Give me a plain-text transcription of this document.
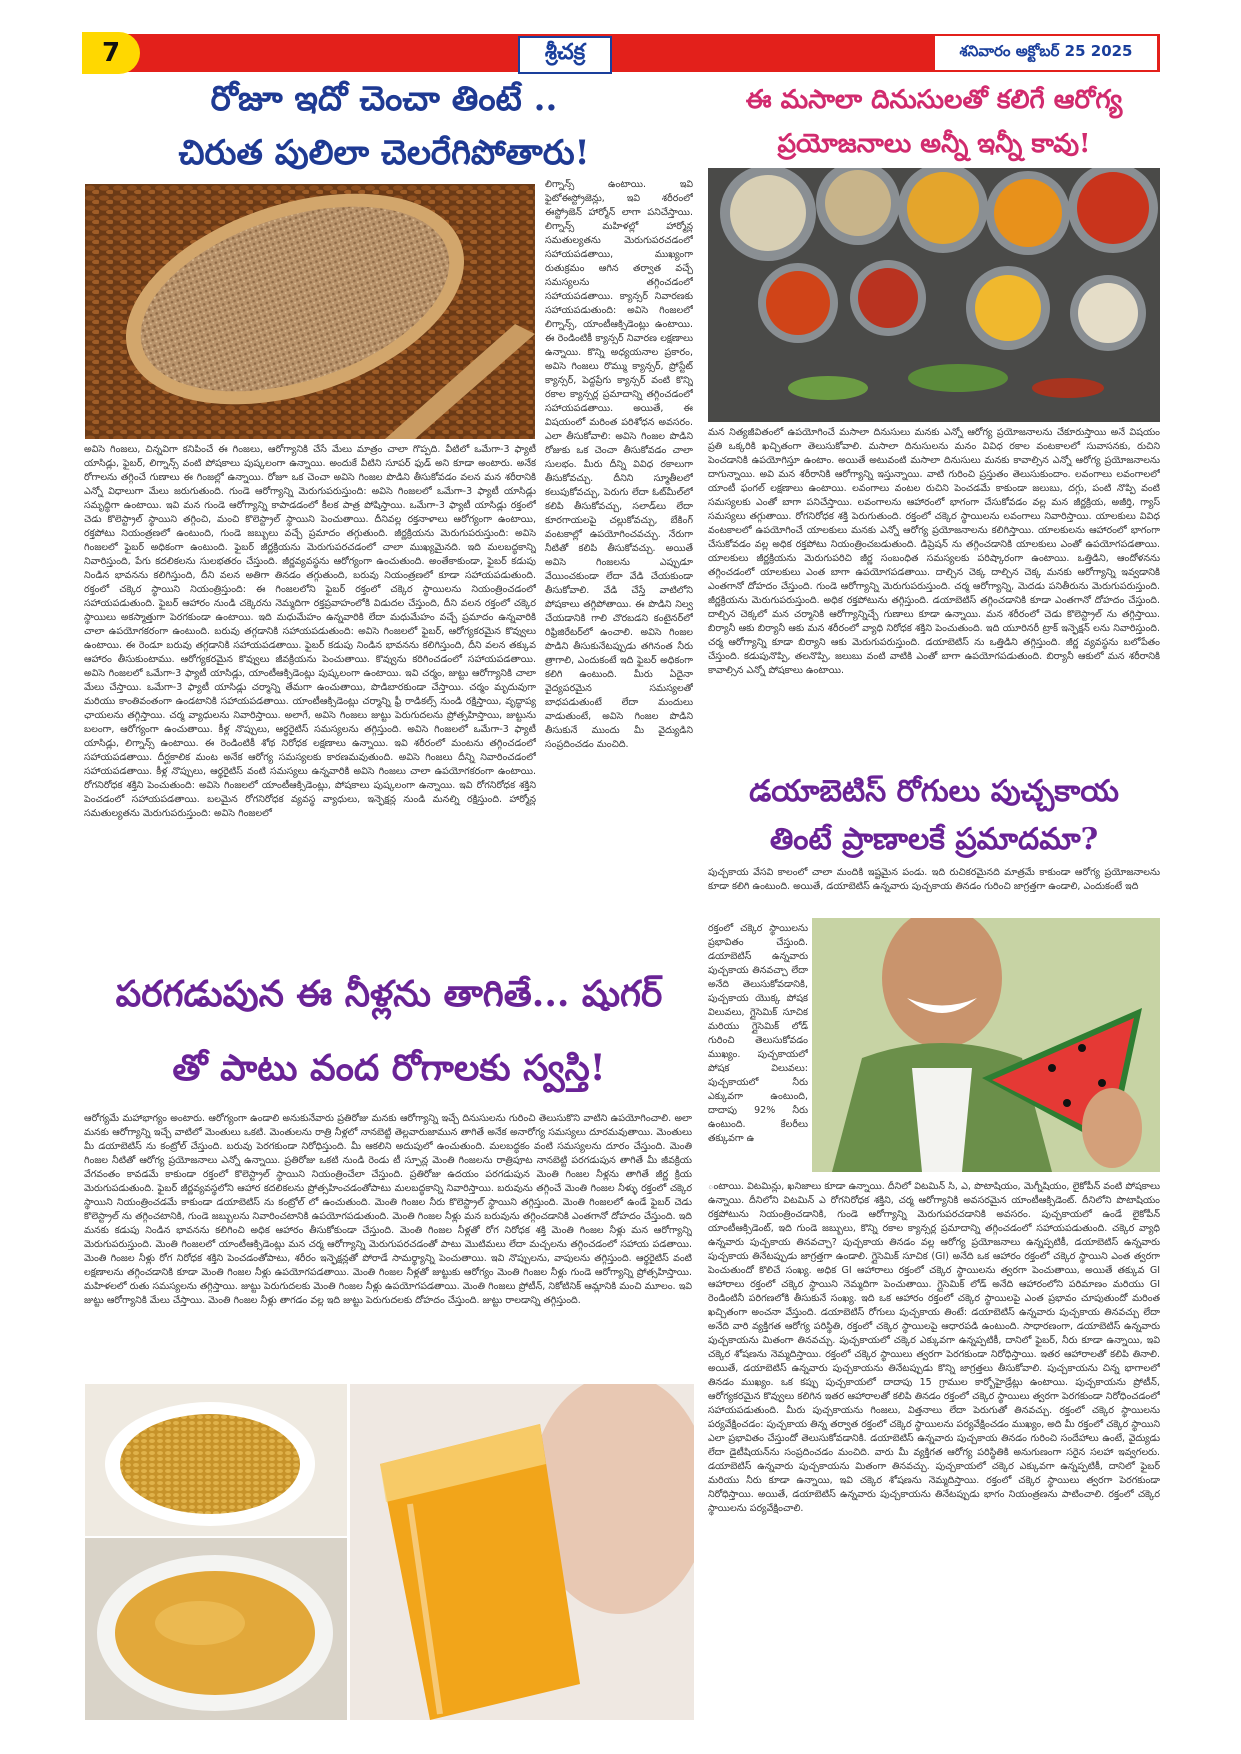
7	శ్రీచక్ర	శనివారం అక్టోబర్ 25 2025
రోజూ ఇదో చెంచా తింటే ..
చిరుత పులిలా చెలరేగిపోతారు!
అవిసె గింజలు, చిన్నవిగా కనిపించే ఈ గింజలు, ఆరోగ్యానికి చేసే మేలు మాత్రం చాలా గొప్పది. వీటిలో ఒమేగా-3 ఫ్యాటీ యాసిడ్లు, ఫైబర్, లిగ్నాన్స్ వంటి పోషకాలు పుష్కలంగా ఉన్నాయి. అందుకే వీటిని సూపర్ ఫుడ్ అని కూడా అంటారు. అనేక రోగాలను తగ్గించే గుణాలు ఈ గింజల్లో ఉన్నాయి. రోజూ ఒక చెంచా అవిసె గింజల పొడిని తీసుకోవడం వలన మన శరీరానికి ఎన్నో విధాలుగా మేలు జరుగుతుంది. గుండె ఆరోగ్యాన్ని మెరుగుపరుస్తుంది: అవిసె గింజలలో ఒమేగా-3 ఫ్యాటీ యాసిడ్లు సమృద్ధిగా ఉంటాయి. ఇవి మన గుండె ఆరోగ్యాన్ని కాపాడడంలో కీలక పాత్ర పోషిస్తాయి. ఒమేగా-3 ఫ్యాటీ యాసిడ్లు రక్తంలో చెడు కొలెస్ట్రాల్ స్థాయిని తగ్గించి, మంచి కొలెస్ట్రాల్ స్థాయిని పెంచుతాయి. దీనివల్ల రక్తనాళాలు ఆరోగ్యంగా ఉంటాయి, రక్తపోటు నియంత్రణలో ఉంటుంది, గుండె జబ్బులు వచ్చే ప్రమాదం తగ్గుతుంది. జీర్ణక్రియను మెరుగుపరుస్తుంది: అవిసె గింజలలో ఫైబర్ అధికంగా ఉంటుంది. ఫైబర్ జీర్ణక్రియను మెరుగుపరచడంలో చాలా ముఖ్యమైనది. ఇది మలబద్ధకాన్ని నివారిస్తుంది, పేగు కదలికలను సులభతరం చేస్తుంది. జీర్ణవ్యవస్థను ఆరోగ్యంగా ఉంచుతుంది. అంతేకాకుండా, ఫైబర్ కడుపు నిండిన భావనను కలిగిస్తుంది, దీని వలన అతిగా తినడం తగ్గుతుంది, బరువు నియంత్రణలో కూడా సహాయపడుతుంది. రక్తంలో చక్కెర స్థాయిని నియంత్రిస్తుంది: ఈ గింజలలోని ఫైబర్ రక్తంలో చక్కెర స్థాయిలను నియంత్రించడంలో సహాయపడుతుంది. ఫైబర్ ఆహారం నుండి చక్కెరను నెమ్మదిగా రక్తప్రవాహంలోకి విడుదల చేస్తుంది, దీని వలన రక్తంలో చక్కెర స్థాయిలు అకస్మాత్తుగా పెరగకుండా ఉంటాయి. ఇది మధుమేహం ఉన్నవారికి లేదా మధుమేహం వచ్చే ప్రమాదం ఉన్నవారికి చాలా ఉపయోగకరంగా ఉంటుంది. బరువు తగ్గడానికి సహాయపడుతుంది: అవిసె గింజలలో ఫైబర్, ఆరోగ్యకరమైన కొవ్వులు ఉంటాయి. ఈ రెండూ బరువు తగ్గడానికి సహాయపడతాయి. ఫైబర్ కడుపు నిండిన భావనను కలిగిస్తుంది, దీని వలన తక్కువ ఆహారం తీసుకుంటాము. ఆరోగ్యకరమైన కొవ్వులు జీవక్రియను పెంచుతాయి. కొవ్వును కరిగించడంలో సహాయపడతాయి. అవిసె గింజలలో ఒమేగా-3 ఫ్యాటీ యాసిడ్లు, యాంటీఆక్సిడెంట్లు పుష్కలంగా ఉంటాయి. ఇవి చర్మం, జుట్టు ఆరోగ్యానికి చాలా మేలు చేస్తాయి. ఒమేగా-3 ఫ్యాటీ యాసిడ్లు చర్మాన్ని తేమగా ఉంచుతాయి, పొడిబారకుండా చేస్తాయి. చర్మం మృదువుగా మరియు కాంతివంతంగా ఉండటానికి సహాయపడతాయి. యాంటీఆక్సిడెంట్లు చర్మాన్ని ఫ్రీ రాడికల్స్ నుండి రక్షిస్తాయి, వృద్ధాప్య ఛాయలను తగ్గిస్తాయి. చర్మ వ్యాధులను నివారిస్తాయి. అలాగే, అవిసె గింజలు జుట్టు పెరుగుదలను ప్రోత్సహిస్తాయి, జుట్టును బలంగా, ఆరోగ్యంగా ఉంచుతాయి. కీళ్ల నొప్పులు, ఆర్థరైటిస్ సమస్యలను తగ్గిస్తుంది. అవిసె గింజలలో ఒమేగా-3 ఫ్యాటీ యాసిడ్లు, లిగ్నాన్స్ ఉంటాయి. ఈ రెండింటికీ శోథ నిరోధక లక్షణాలు ఉన్నాయి. ఇవి శరీరంలో మంటను తగ్గించడంలో సహాయపడతాయి. దీర్ఘకాలిక మంట అనేక ఆరోగ్య సమస్యలకు కారణమవుతుంది. అవిసె గింజలు దీన్ని నివారించడంలో సహాయపడతాయి. కీళ్ల నొప్పులు, ఆర్థరైటిస్ వంటి సమస్యలు ఉన్నవారికి అవిసె గింజలు చాలా ఉపయోగకరంగా ఉంటాయి. రోగనిరోధక శక్తిని పెంచుతుంది: అవిసె గింజలలో యాంటీఆక్సిడెంట్లు, పోషకాలు పుష్కలంగా ఉన్నాయి. ఇవి రోగనిరోధక శక్తిని పెంచడంలో సహాయపడతాయి. బలమైన రోగనిరోధక వ్యవస్థ వ్యాధులు, ఇన్ఫెక్షన్ల నుండి మనల్ని రక్షిస్తుంది. హార్మోన్ల సమతుల్యతను మెరుగుపరుస్తుంది: అవిసె గింజలలో
లిగ్నాన్స్ ఉంటాయి. ఇవి ఫైటోఈస్ట్రోజెన్లు, ఇవి శరీరంలో ఈస్ట్రోజెన్ హార్మోన్ లాగా పనిచేస్తాయి. లిగ్నాన్స్ మహిళల్లో హార్మోన్ల సమతుల్యతను మెరుగుపరచడంలో సహాయపడతాయి, ముఖ్యంగా రుతుక్రమం ఆగిన తర్వాత వచ్చే సమస్యలను తగ్గించడంలో సహాయపడతాయి. క్యాన్సర్ నివారణకు సహాయపడుతుంది: అవిసె గింజలలో లిగ్నాన్స్, యాంటీఆక్సిడెంట్లు ఉంటాయి. ఈ రెండింటికీ క్యాన్సర్ నివారణ లక్షణాలు ఉన్నాయి. కొన్ని అధ్యయనాల ప్రకారం, అవిసె గింజలు రొమ్ము క్యాన్సర్, ప్రోస్టేట్ క్యాన్సర్, పెద్దప్రేగు క్యాన్సర్ వంటి కొన్ని రకాల క్యాన్సర్ల ప్రమాదాన్ని తగ్గించడంలో సహాయపడతాయి. అయితే, ఈ విషయంలో మరింత పరిశోధన అవసరం. ఎలా తీసుకోవాలి: అవిసె గింజల పొడిని రోజుకు ఒక చెంచా తీసుకోవడం చాలా సులభం. మీరు దీన్ని వివిధ రకాలుగా తీసుకోవచ్చు. దీనిని స్మూతీలలో కలుపుకోవచ్చు, పెరుగు లేదా ఓట్‌మీల్‌లో కలిపి తీసుకోవచ్చు, సలాడ్‌లు లేదా కూరగాయలపై చల్లుకోవచ్చు, బేకింగ్ వంటకాల్లో ఉపయోగించవచ్చు. నేరుగా నీటితో కలిపి తీసుకోవచ్చు. అయితే అవిసె గింజలను ఎప్పుడూ వేయించకుండా లేదా వేడి చేయకుండా తీసుకోవాలి. వేడి చేస్తే వాటిలోని పోషకాలు తగ్గిపోతాయి. ఈ పొడిని నిల్వ చేయడానికి గాలి చొరబడని కంటైనర్‌లో రిఫ్రిజిరేటర్‌లో ఉంచాలి. అవిసె గింజల పొడిని తీసుకునేటప్పుడు తగినంత నీరు త్రాగాలి, ఎందుకంటే ఇది ఫైబర్ అధికంగా కలిగి ఉంటుంది. మీరు ఏదైనా వైద్యపరమైన సమస్యలతో బాధపడుతుంటే లేదా మందులు వాడుతుంటే, అవిసె గింజల పొడిని తీసుకునే ముందు మీ వైద్యుడిని సంప్రదించడం మంచిది.
పరగడుపున ఈ నీళ్లను తాగితే... షుగర్
తో పాటు వంద రోగాలకు స్వస్తి!
ఆరోగ్యమే మహాభాగ్యం అంటారు. ఆరోగ్యంగా ఉండాలి అనుకునేవారు ప్రతిరోజు మనకు ఆరోగ్యాన్ని ఇచ్చే దినుసులను గురించి తెలుసుకొని వాటిని ఉపయోగించాలి. అలా మనకు ఆరోగ్యాన్ని ఇచ్చే వాటిలో మెంతులు ఒకటి. మెంతులను రాత్రి నీళ్లలో నానబెట్టి తెల్లవారుజామున తాగితే అనేక అనారోగ్య సమస్యలు దూరమవుతాయి. మెంతులు మీ డయాబెటిస్ ను కంట్రోల్ చేస్తుంది. బరువు పెరగకుండా నిరోధిస్తుంది. మీ ఆకలిని అదుపులో ఉంచుతుంది. మలబద్ధకం వంటి సమస్యలను దూరం చేస్తుంది. మెంతి గింజల నీటితో ఆరోగ్య ప్రయోజనాలు ఎన్నో ఉన్నాయి. ప్రతిరోజు ఒకటి నుండి రెండు టీ స్పూన్ల మెంతి గింజలను రాత్రిపూట నానబెట్టి పరగడుపున తాగితే మీ జీవక్రియ వేగవంతం కావడమే కాకుండా రక్తంలో కొలెస్ట్రాల్ స్థాయిని నియంత్రించేలా చేస్తుంది. ప్రతిరోజు ఉదయం పరగడుపున మెంతి గింజల నీళ్లను తాగితే జీర్ణ క్రియ మెరుగుపడుతుంది. ఫైబర్ జీర్ణవ్యవస్థలోని ఆహార కదలికలను ప్రోత్సహించడంతోపాటు మలబద్ధకాన్ని నివారిస్తాయి. బరువును తగ్గించే మెంతి గింజల నీళ్ళు రక్తంలో చక్కెర స్థాయిని నియంత్రించడమే కాకుండా డయాబెటిస్ ను కంట్రోల్ లో ఉంచుతుంది. మెంతి గింజల నీరు కొలెస్ట్రాల్ స్థాయిని తగ్గిస్తుంది. మెంతి గింజలలో ఉండే ఫైబర్ చెడు కొలెస్ట్రాల్ ను తగ్గించటానికి, గుండె జబ్బులను నివారించటానికి ఉపయోగపడుతుంది. మెంతి గింజల నీళ్లు మన బరువును తగ్గించడానికి ఎంతగానో దోహదం చేస్తుంది. ఇది మనకు కడుపు నిండిన భావనను కలిగించి అధిక ఆహారం తీసుకోకుండా చేస్తుంది. మెంతి గింజల నీళ్లతో రోగ నిరోధక శక్తి మెంతి గింజల నీళ్లు మన ఆరోగ్యాన్ని మెరుగుపరుస్తుంది. మెంతి గింజలలో యాంటీఆక్సిడెంట్లు మన చర్మ ఆరోగ్యాన్ని మెరుగుపరచడంతో పాటు మొటిమలు లేదా మచ్చలను తగ్గించడంలో సహాయ పడతాయి. మెంతి గింజల నీళ్లు రోగ నిరోధక శక్తిని పెంచడంతోపాటు, శరీరం ఇన్ఫెక్షన్లతో పోరాడే సామర్థ్యాన్ని పెంచుతాయి. ఇవి నొప్పులను, వాపులను తగ్గిస్తుంది. ఆర్థరైటిస్ వంటి లక్షణాలను తగ్గించడానికి కూడా మెంతి గింజల నీళ్లు ఉపయోగపడతాయి. మెంతి గింజల నీళ్లతో జుట్టుకు ఆరోగ్యం మెంతి గింజల నీళ్లు గుండె ఆరోగ్యాన్ని ప్రోత్సహిస్తాయి. మహిళలలో రుతు సమస్యలను తగ్గిస్తాయి. జుట్టు పెరుగుదలకు మెంతి గింజల నీళ్లు ఉపయోగపడతాయి. మెంతి గింజలు ప్రోటీన్, నికోటినిక్ ఆమ్లానికి మంచి మూలం. ఇవి జుట్టు ఆరోగ్యానికి మేలు చేస్తాయి. మెంతి గింజల నీళ్లు తాగడం వల్ల ఇది జుట్టు పెరుగుదలకు దోహదం చేస్తుంది. జుట్టు రాలడాన్ని తగ్గిస్తుంది.
ఈ మసాలా దినుసులతో కలిగే ఆరోగ్య
ప్రయోజనాలు అన్నీ ఇన్నీ కావు!
మన నిత్యజీవితంలో ఉపయోగించే మసాలా దినుసులు మనకు ఎన్నో ఆరోగ్య ప్రయోజనాలను చేకూరుస్తాయి అనే విషయం ప్రతి ఒక్కరికి ఖచ్చితంగా తెలుసుకోవాలి. మసాలా దినుసులను మనం వివిధ రకాల వంటకాలలో సువాసనకు, రుచిని పెంచడానికి ఉపయోగిస్తూ ఉంటాం. అయితే అటువంటి మసాలా దినుసులు మనకు కావాల్సిన ఎన్నో ఆరోగ్య ప్రయోజనాలను దాగున్నాయి. అవి మన శరీరానికి ఆరోగ్యాన్ని ఇస్తున్నాయి. వాటి గురించి ప్రస్తుతం తెలుసుకుందాం. లవంగాలు లవంగాలలో యాంటీ ఫంగల్ లక్షణాలు ఉంటాయి. లవంగాలు వంటల రుచిని పెంచడమే కాకుండా జలుబు, దగ్గు, పంటి నొప్పి వంటి సమస్యలకు ఎంతో బాగా పనిచేస్తాయి. లవంగాలను ఆహారంలో భాగంగా చేసుకోవడం వల్ల మన జీర్ణక్రియ, అజీర్తి, గ్యాస్ సమస్యలు తగ్గుతాయి. రోగనిరోధక శక్తి పెరుగుతుంది. రక్తంలో చక్కెర స్థాయిలను లవంగాలు నివారిస్తాయి. యాలకులు వివిధ వంటకాలలో ఉపయోగించే యాలకులు మనకు ఎన్నో ఆరోగ్య ప్రయోజనాలను కలిగిస్తాయి. యాలకులను ఆహారంలో భాగంగా చేసుకోవడం వల్ల అధిక రక్తపోటు నియంత్రించబడుతుంది. డిప్రెషన్ ను తగ్గించడానికి యాలకులు ఎంతో ఉపయోగపడతాయి. యాలకులు జీర్ణక్రియను మెరుగుపరిచి జీర్ణ సంబంధిత సమస్యలకు పరిష్కారంగా ఉంటాయి. ఒత్తిడిని, ఆందోళనను తగ్గించడంలో యాలకులు ఎంత బాగా ఉపయోగపడతాయి. దాల్చిన చెక్క దాల్చిన చెక్క మనకు ఆరోగ్యాన్ని ఇవ్వడానికి ఎంతగానో దోహదం చేస్తుంది. గుండె ఆరోగ్యాన్ని మెరుగుపరుస్తుంది. చర్మ ఆరోగ్యాన్ని, మెదడు పనితీరును మెరుగుపరుస్తుంది. జీర్ణక్రియను మెరుగుపరుస్తుంది. అధిక రక్తపోటును తగ్గిస్తుంది. డయాబెటిస్ తగ్గించడానికి కూడా ఎంతగానో దోహదం చేస్తుంది. దాల్చిన చెక్కలో మన చర్మానికి ఆరోగ్యాన్నిచ్చే గుణాలు కూడా ఉన్నాయి. మన శరీరంలో చెడు కొలెస్ట్రాల్ ను తగ్గిస్తాయి. బిర్యానీ ఆకు బిర్యానీ ఆకు మన శరీరంలో వ్యాధి నిరోధక శక్తిని పెంచుతుంది. ఇది యూరినరీ ట్రాక్ ఇన్ఫెక్షన్ లను నివారిస్తుంది. చర్మ ఆరోగ్యాన్ని కూడా బిర్యాని ఆకు మెరుగుపరుస్తుంది. డయాబెటిస్ ను ఒత్తిడిని తగ్గిస్తుంది. జీర్ణ వ్యవస్థను బలోపేతం చేస్తుంది. కడుపునొప్పి, తలనొప్పి, జలుబు వంటి వాటికి ఎంతో బాగా ఉపయోగపడుతుంది. బిర్యానీ ఆకులో మన శరీరానికి కావాల్సిన ఎన్నో పోషకాలు ఉంటాయి.
డయాబెటిస్ రోగులు పుచ్చకాయ
తింటే ప్రాణాలకే ప్రమాదమా?
పుచ్చకాయ వేసవి కాలంలో చాలా మందికి ఇష్టమైన పండు. ఇది రుచికరమైనది మాత్రమే కాకుండా ఆరోగ్య ప్రయోజనాలను కూడా కలిగి ఉంటుంది. అయితే, డయాబెటిస్ ఉన్నవారు పుచ్చకాయ తినడం గురించి జాగ్రత్తగా ఉండాలి, ఎందుకంటే ఇది
రక్తంలో చక్కెర స్థాయిలను ప్రభావితం చేస్తుంది. డయాబెటిస్ ఉన్నవారు పుచ్చకాయ తినవచ్చా లేదా అనేది తెలుసుకోవడానికి, పుచ్చకాయ యొక్క పోషక విలువలు, గ్లైసెమిక్ సూచిక మరియు గ్లైసెమిక్ లోడ్ గురించి తెలుసుకోవడం ముఖ్యం. పుచ్చకాయలో పోషక విలువలు: పుచ్చకాయలో నీరు ఎక్కువగా ఉంటుంది, దాదాపు 92% నీరు ఉంటుంది. కేలరీలు తక్కువగా ఉ
ంటాయి. విటమిన్లు, ఖనిజాలు కూడా ఉన్నాయి. దీనిలో విటమిన్ సి, ఎ, పొటాషియం, మెగ్నీషియం, లైకోపీన్ వంటి పోషకాలు ఉన్నాయి. దీనిలోని విటమిన్ ఎ రోగనిరోధక శక్తిని, చర్మ ఆరోగ్యానికి అవసరమైన యాంటీఆక్సిడెంట్. దీనిలోని పొటాషియం రక్తపోటును నియంత్రించడానికి, గుండె ఆరోగ్యాన్ని మెరుగుపరచడానికి అవసరం. పుచ్చకాయలో ఉండే లైకోపీన్ యాంటీఆక్సిడెంట్, ఇది గుండె జబ్బులు, కొన్ని రకాల క్యాన్సర్ల ప్రమాదాన్ని తగ్గించడంలో సహాయపడుతుంది. చక్కెర వ్యాధి ఉన్నవారు పుచ్చకాయ తినవచ్చా? పుచ్చకాయ తినడం వల్ల ఆరోగ్య ప్రయోజనాలు ఉన్నప్పటికీ, డయాబెటిస్ ఉన్నవారు పుచ్చకాయ తినేటప్పుడు జాగ్రత్తగా ఉండాలి. గ్లైసెమిక్ సూచిక (GI) అనేది ఒక ఆహారం రక్తంలో చక్కెర స్థాయిని ఎంత త్వరగా పెంచుతుందో కొలిచే సంఖ్య. అధిక GI ఆహారాలు రక్తంలో చక్కెర స్థాయిలను త్వరగా పెంచుతాయి, అయితే తక్కువ GI ఆహారాలు రక్తంలో చక్కెర స్థాయిని నెమ్మదిగా పెంచుతాయి. గ్లైసెమిక్ లోడ్ అనేది ఆహారంలోని పరిమాణం మరియు GI రెండింటినీ పరిగణలోకి తీసుకునే సంఖ్య. ఇది ఒక ఆహారం రక్తంలో చక్కెర స్థాయిలపై ఎంత ప్రభావం చూపుతుందో మరింత ఖచ్చితంగా అంచనా వేస్తుంది. డయాబెటిస్ రోగులు పుచ్చకాయ తింటే: డయాబెటిస్ ఉన్నవారు పుచ్చకాయ తినవచ్చు లేదా అనేది వారి వ్యక్తిగత ఆరోగ్య పరిస్థితి, రక్తంలో చక్కెర స్థాయిలపై ఆధారపడి ఉంటుంది. సాధారణంగా, డయాబెటిస్ ఉన్నవారు పుచ్చకాయను మితంగా తినవచ్చు. పుచ్చకాయలో చక్కెర ఎక్కువగా ఉన్నప్పటికీ, దానిలో ఫైబర్, నీరు కూడా ఉన్నాయి, ఇవి చక్కెర శోషణను నెమ్మదిస్తాయి. రక్తంలో చక్కెర స్థాయిలు త్వరగా పెరగకుండా నిరోధిస్తాయి. ఇతర ఆహారాలతో కలిపి తినాలి. అయితే, డయాబెటిస్ ఉన్నవారు పుచ్చకాయను తినేటప్పుడు కొన్ని జాగ్రత్తలు తీసుకోవాలి. పుచ్చకాయను చిన్న భాగాలలో తినడం ముఖ్యం. ఒక కప్పు పుచ్చకాయలో దాదాపు 15 గ్రాముల కార్బోహైడ్రేట్లు ఉంటాయి. పుచ్చకాయను ప్రోటీన్, ఆరోగ్యకరమైన కొవ్వులు కలిగిన ఇతర ఆహారాలతో కలిపి తినడం రక్తంలో చక్కెర స్థాయిలు త్వరగా పెరగకుండా నిరోధించడంలో సహాయపడుతుంది. మీరు పుచ్చకాయను గింజలు, విత్తనాలు లేదా పెరుగుతో తినవచ్చు. రక్తంలో చక్కెర స్థాయిలను పర్యవేక్షించడం: పుచ్చకాయ తిన్న తర్వాత రక్తంలో చక్కెర స్థాయిలను పర్యవేక్షించడం ముఖ్యం, అది మీ రక్తంలో చక్కెర స్థాయిని ఎలా ప్రభావితం చేస్తుందో తెలుసుకోవడానికి. డయాబెటిస్ ఉన్నవారు పుచ్చకాయ తినడం గురించి సందేహాలు ఉంటే, వైద్యుడు లేదా డైటీషియన్‌ను సంప్రదించడం మంచిది. వారు మీ వ్యక్తిగత ఆరోగ్య పరిస్థితికి అనుగుణంగా సరైన సలహా ఇవ్వగలరు. డయాబెటిస్ ఉన్నవారు పుచ్చకాయను మితంగా తినవచ్చు. పుచ్చకాయలో చక్కెర ఎక్కువగా ఉన్నప్పటికీ, దానిలో ఫైబర్ మరియు నీరు కూడా ఉన్నాయి, ఇవి చక్కెర శోషణను నెమ్మదిస్తాయి. రక్తంలో చక్కెర స్థాయిలు త్వరగా పెరగకుండా నిరోధిస్తాయి. అయితే, డయాబెటిస్ ఉన్నవారు పుచ్చకాయను తినేటప్పుడు భాగం నియంత్రణను పాటించాలి. రక్తంలో చక్కెర స్థాయిలను పర్యవేక్షించాలి.
